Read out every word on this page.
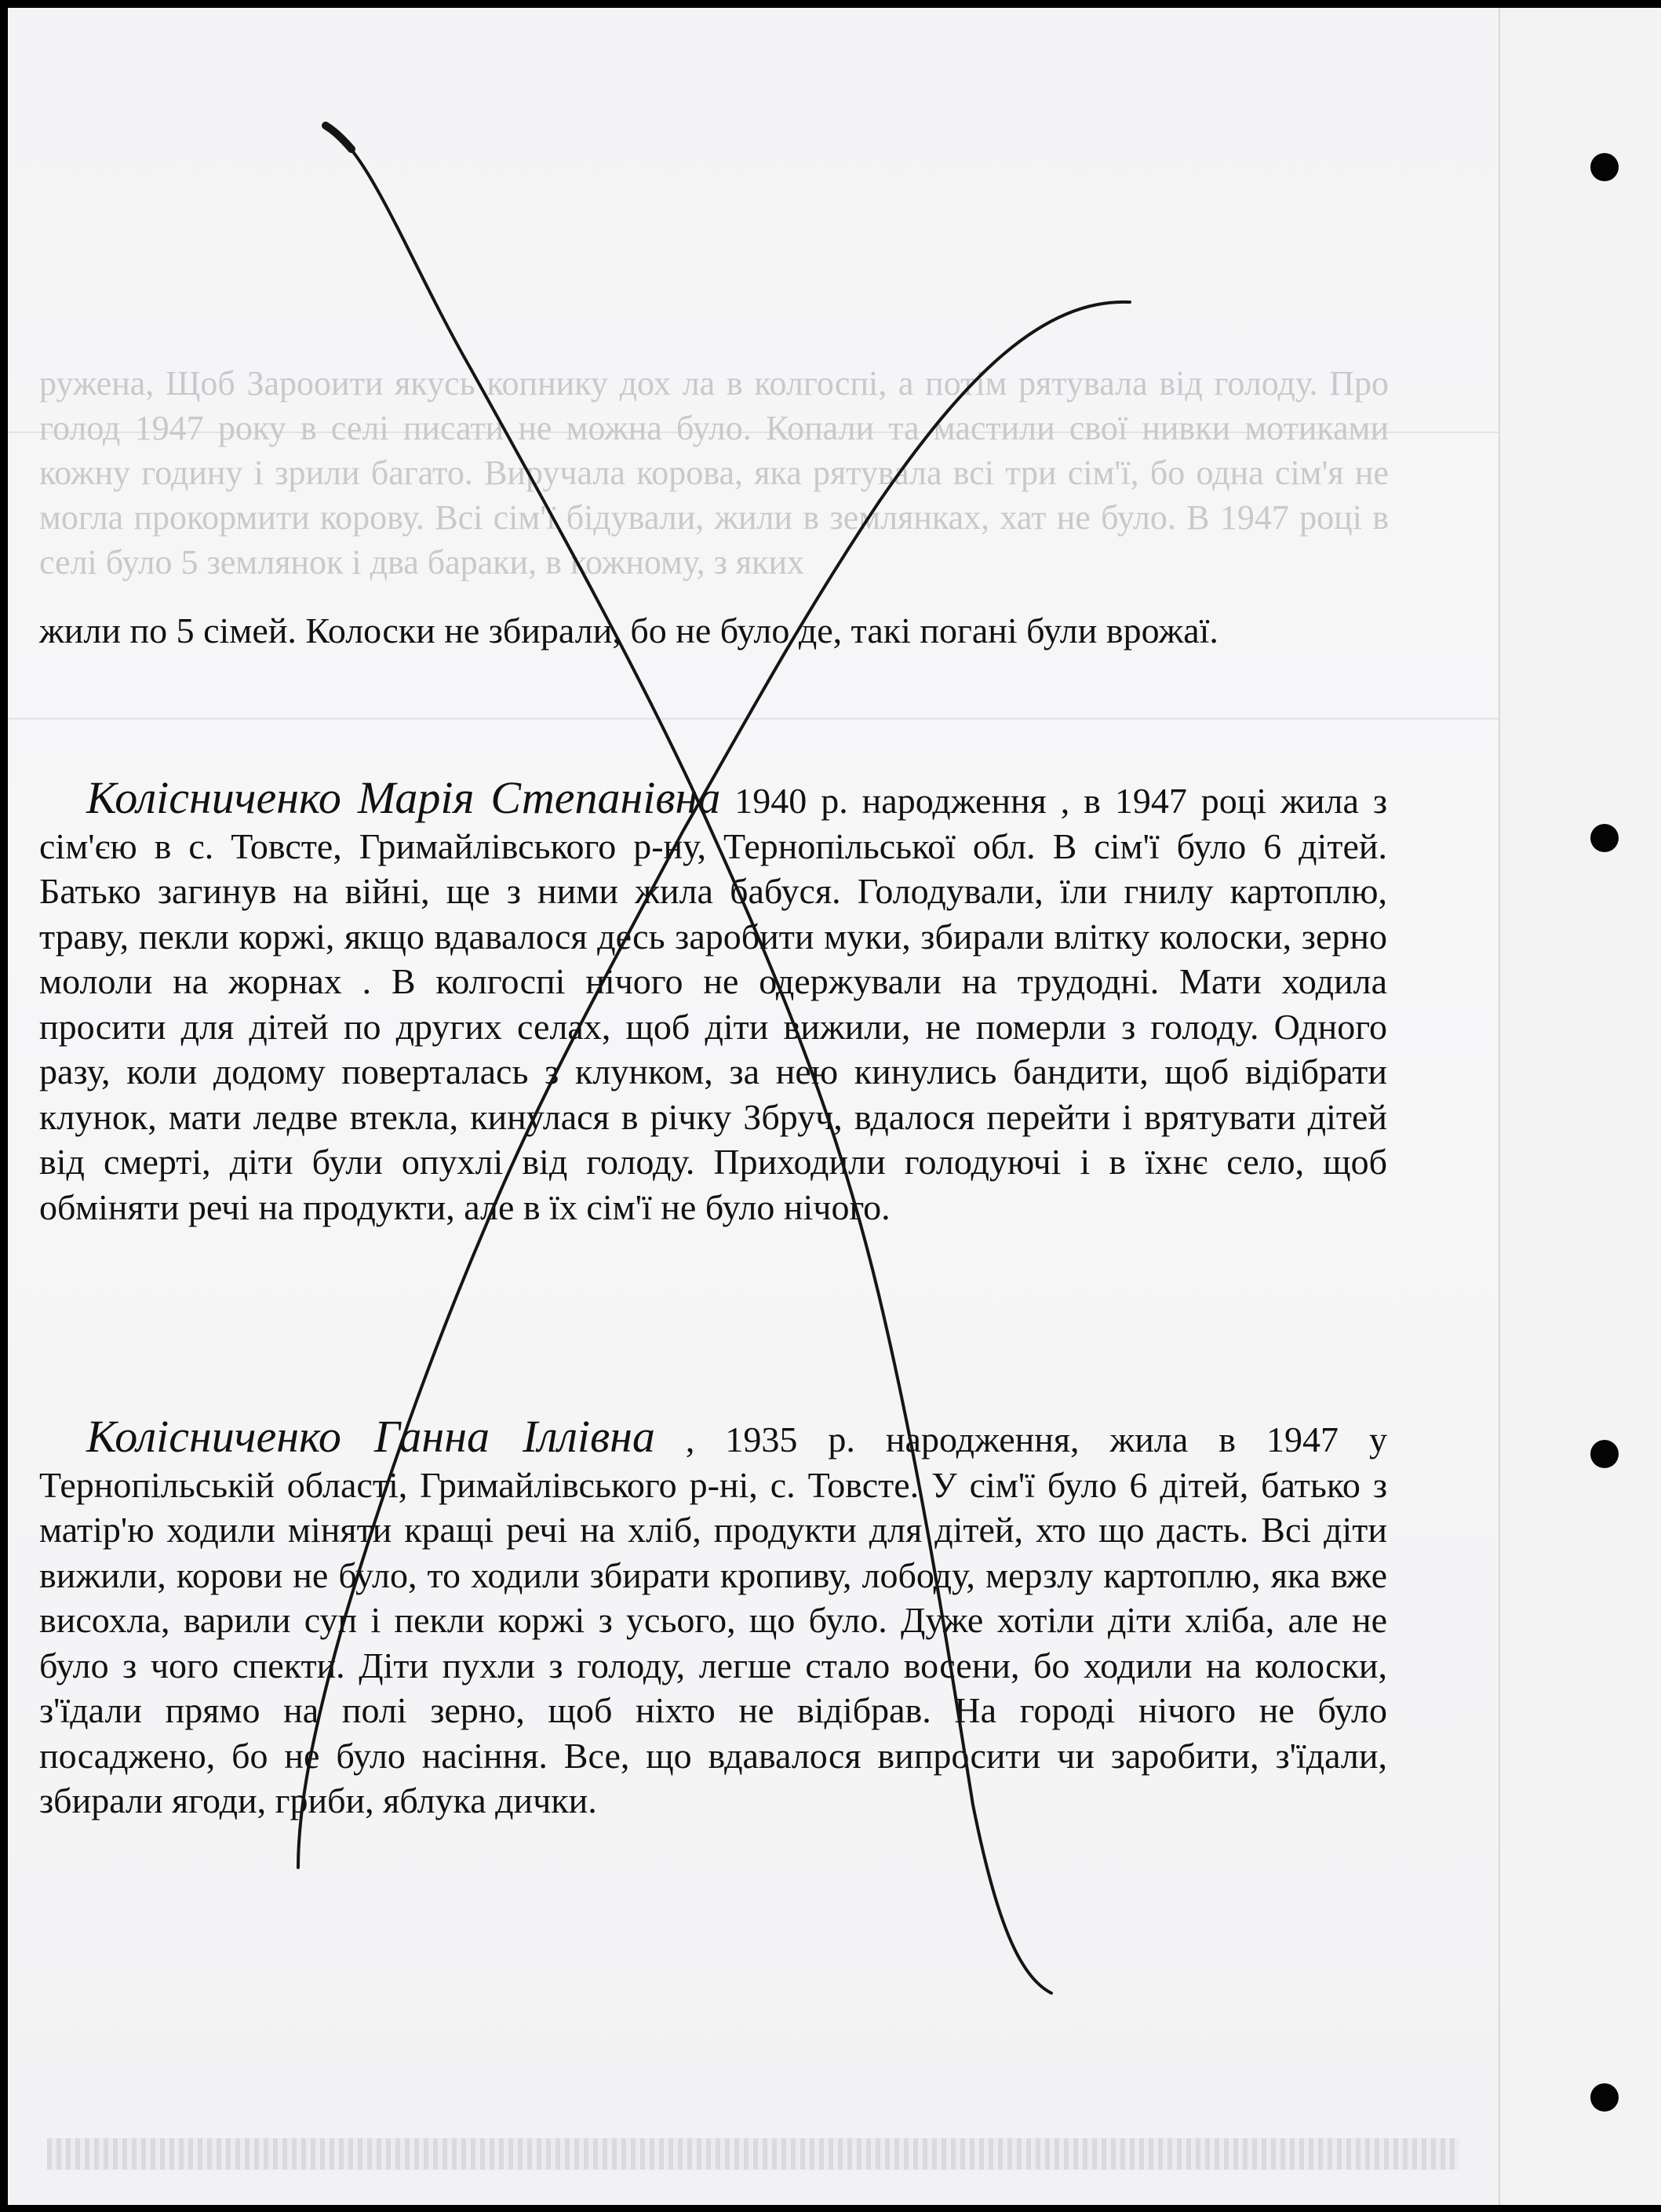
ружена, Щоб Зарооити якусь копнику дох ла в колгоспі, а потім рятувала від голоду. Про голод 1947 року в селі писати не можна було. Копали та мастили свої нивки мотиками кожну годину і зрили багато. Виручала корова, яка рятувала всі три сім'ї, бо одна сім'я не могла прокормити корову. Всі сім'ї бідували, жили в землянках, хат не було. В 1947 році в селі було 5 землянок і два бараки, в кожному, з яких

жили по 5 сімей. Колоски не збирали, бо не було де, такі погані були врожаї.

Колісниченко Марія Степанівна 1940 р. народження , в 1947 році жила з сім'єю в с. Товсте, Гримайлівського р-ну, Тернопільської обл. В сім'ї було 6 дітей. Батько загинув на війні, ще з ними жила бабуся. Голодували, їли гнилу картоплю, траву, пекли коржі, якщо вдавалося десь заробити муки, збирали влітку колоски, зерно мололи на жорнах . В колгоспі нічого не одержували на трудодні. Мати ходила просити для дітей по других селах, щоб діти вижили, не померли з голоду. Одного разу, коли додому поверталась з клунком, за нею кинулись бандити, щоб відібрати клунок, мати ледве втекла, кинулася в річку Збруч, вдалося перейти і врятувати дітей від смерті, діти були опухлі від голоду. Приходили голодуючі і в їхнє село, щоб обміняти речі на продукти, але в їх сім'ї не було нічого.

Колісниченко Ганна Іллівна , 1935 р. народження, жила в 1947 у Тернопільській області, Гримайлівського р-ні, с. Товсте. У сім'ї було 6 дітей, батько з матір'ю ходили міняти кращі речі на хліб, продукти для дітей, хто що дасть. Всі діти вижили, корови не було, то ходили збирати кропиву, лободу, мерзлу картоплю, яка вже висохла, варили суп і пекли коржі з усього, що було. Дуже хотіли діти хліба, але не було з чого спекти. Діти пухли з голоду, легше стало восени, бо ходили на колоски, з'їдали прямо на полі зерно, щоб ніхто не відібрав. На городі нічого не було посаджено, бо не було насіння. Все, що вдавалося випросити чи заробити, з'їдали, збирали ягоди, гриби, яблука дички.
